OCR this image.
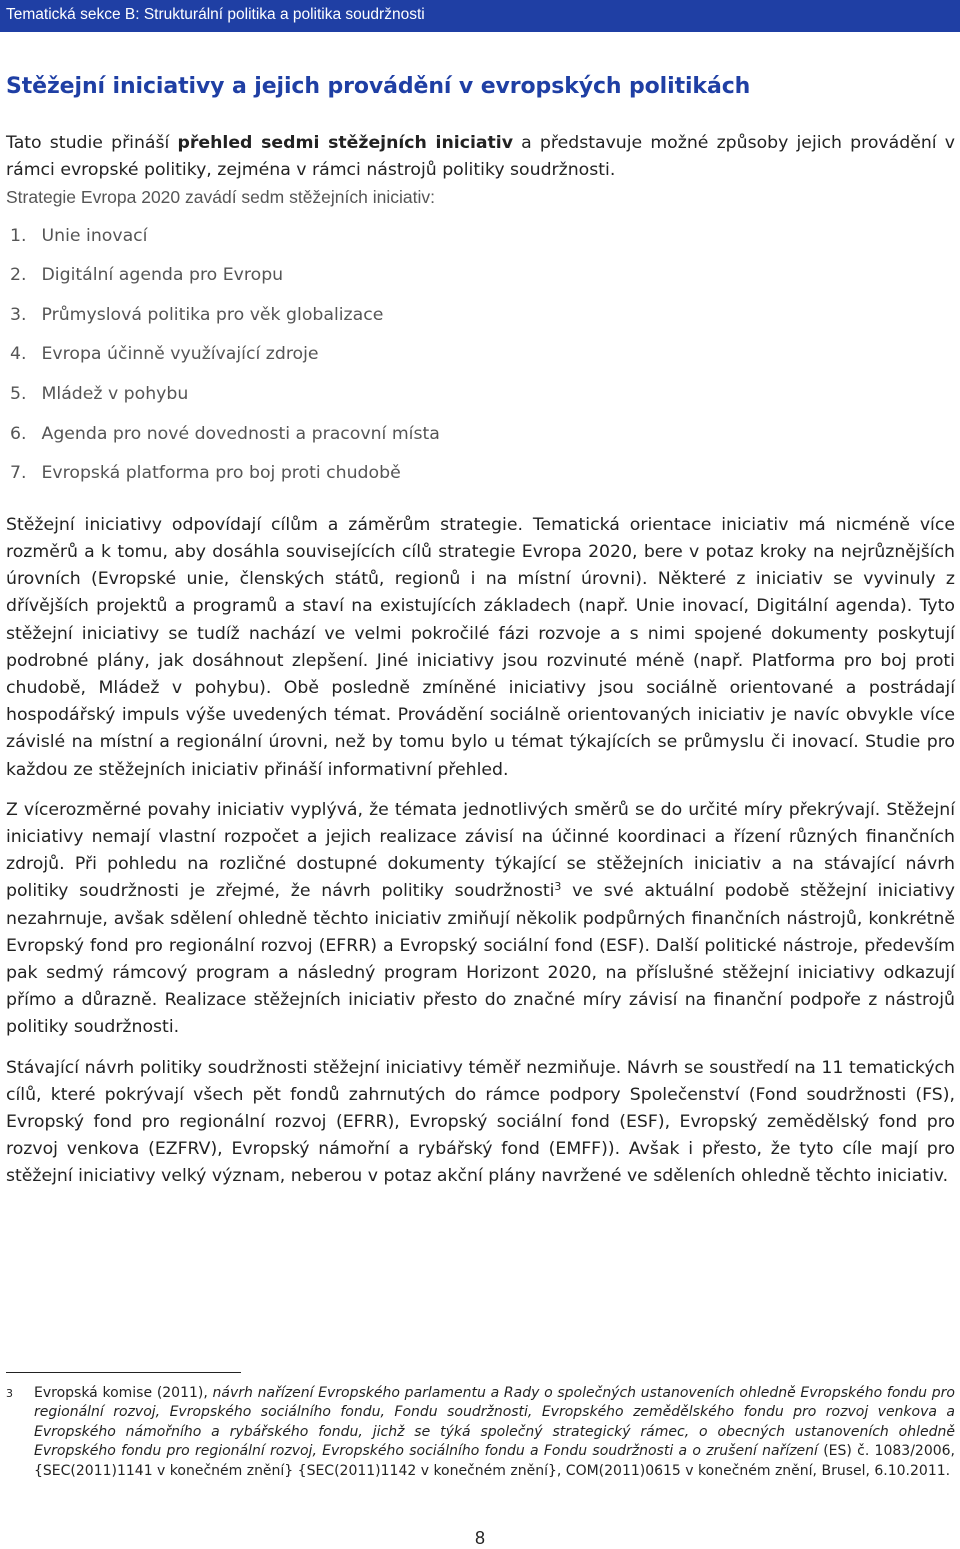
Tematická sekce B: Strukturální politika a politika soudržnosti
Stěžejní iniciativy a jejich provádění v evropských politikách

Tato studie přináší přehled sedmi stěžejních iniciativ a představuje možné způsoby jejich provádění v rámci evropské politiky, zejména v rámci nástrojů politiky soudržnosti.

Strategie Evropa 2020 zavádí sedm stěžejních iniciativ:

1. Unie inovací
2. Digitální agenda pro Evropu
3. Průmyslová politika pro věk globalizace
4. Evropa účinně využívající zdroje
5. Mládež v pohybu
6. Agenda pro nové dovednosti a pracovní místa
7. Evropská platforma pro boj proti chudobě

Stěžejní iniciativy odpovídají cílům a záměrům strategie. Tematická orientace iniciativ má nicméně více rozměrů a k tomu, aby dosáhla souvisejících cílů strategie Evropa 2020, bere v potaz kroky na nejrůznějších úrovních (Evropské unie, členských států, regionů i na místní úrovni). Některé z iniciativ se vyvinuly z dřívějších projektů a programů a staví na existujících základech (např. Unie inovací, Digitální agenda). Tyto stěžejní iniciativy se tudíž nachází ve velmi pokročilé fázi rozvoje a s nimi spojené dokumenty poskytují podrobné plány, jak dosáhnout zlepšení. Jiné iniciativy jsou rozvinuté méně (např. Platforma pro boj proti chudobě, Mládež v pohybu). Obě posledně zmíněné iniciativy jsou sociálně orientované a postrádají hospodářský impuls výše uvedených témat. Provádění sociálně orientovaných iniciativ je navíc obvykle více závislé na místní a regionální úrovni, než by tomu bylo u témat týkajících se průmyslu či inovací. Studie pro každou ze stěžejních iniciativ přináší informativní přehled.

Z vícerozměrné povahy iniciativ vyplývá, že témata jednotlivých směrů se do určité míry překrývají. Stěžejní iniciativy nemají vlastní rozpočet a jejich realizace závisí na účinné koordinaci a řízení různých finančních zdrojů. Při pohledu na rozličné dostupné dokumenty týkající se stěžejních iniciativ a na stávající návrh politiky soudržnosti je zřejmé, že návrh politiky soudržnosti$^3$ ve své aktuální podobě stěžejní iniciativy nezahrnuje, avšak sdělení ohledně těchto iniciativ zmiňují několik podpůrných finančních nástrojů, konkrétně Evropský fond pro regionální rozvoj (EFRR) a Evropský sociální fond (ESF). Další politické nástroje, především pak sedmý rámcový program a následný program Horizont 2020, na příslušné stěžejní iniciativy odkazují přímo a důrazně. Realizace stěžejních iniciativ přesto do značné míry závisí na finanční podpoře z nástrojů politiky soudržnosti.

Stávající návrh politiky soudržnosti stěžejní iniciativy téměř nezmiňuje. Návrh se soustředí na 11 tematických cílů, které pokrývají všech pět fondů zahrnutých do rámce podpory Společenství (Fond soudržnosti (FS), Evropský fond pro regionální rozvoj (EFRR), Evropský sociální fond (ESF), Evropský zemědělský fond pro rozvoj venkova (EZFRV), Evropský námořní a rybářský fond (EMFF)). Avšak i přesto, že tyto cíle mají pro stěžejní iniciativy velký význam, neberou v potaz akční plány navržené ve sděleních ohledně těchto iniciativ.

3 Evropská komise (2011), návrh nařízení Evropského parlamentu a Rady o společných ustanoveních ohledně Evropského fondu pro regionální rozvoj, Evropského sociálního fondu, Fondu soudržnosti, Evropského zemědělského fondu pro rozvoj venkova a Evropského námořního a rybářského fondu, jichž se týká společný strategický rámec, o obecných ustanoveních ohledně Evropského fondu pro regionální rozvoj, Evropského sociálního fondu a Fondu soudržnosti a o zrušení nařízení (ES) č. 1083/2006, {SEC(2011)1141 v konečném znění} {SEC(2011)1142 v konečném znění}, COM(2011)0615 v konečném znění, Brusel, 6.10.2011.
8
